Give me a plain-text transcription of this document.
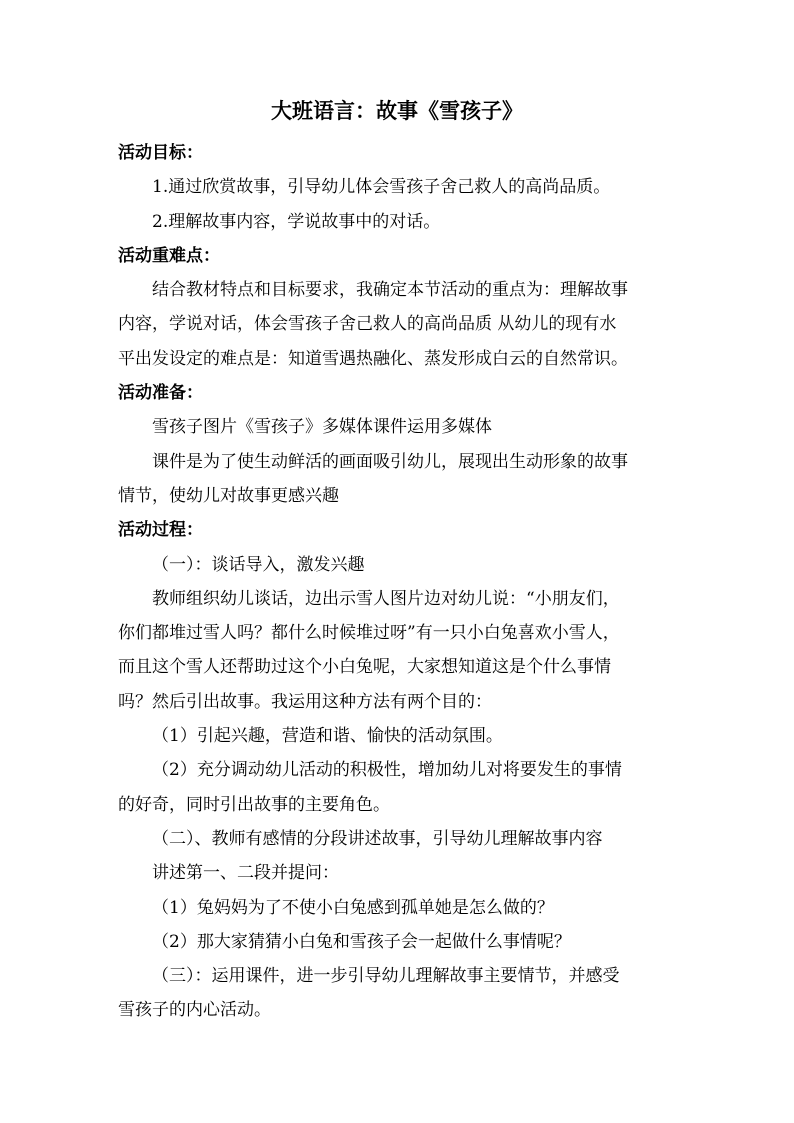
大班语言：故事《雪孩子》
活动目标：
1.通过欣赏故事，引导幼儿体会雪孩子舍己救人的高尚品质。
2.理解故事内容，学说故事中的对话。
活动重难点：
结合教材特点和目标要求，我确定本节活动的重点为：理解故事
内容，学说对话，体会雪孩子舍己救人的高尚品质 从幼儿的现有水
平出发设定的难点是：知道雪遇热融化、蒸发形成白云的自然常识。
活动准备：
雪孩子图片《雪孩子》多媒体课件运用多媒体
课件是为了使生动鲜活的画面吸引幼儿，展现出生动形象的故事
情节，使幼儿对故事更感兴趣
活动过程：
（一）：谈话导入，激发兴趣
教师组织幼儿谈话，边出示雪人图片边对幼儿说：“小朋友们，
你们都堆过雪人吗？都什么时候堆过呀”有一只小白兔喜欢小雪人，
而且这个雪人还帮助过这个小白兔呢，大家想知道这是个什么事情
吗？然后引出故事。我运用这种方法有两个目的：
（1）引起兴趣，营造和谐、愉快的活动氛围。
（2）充分调动幼儿活动的积极性，增加幼儿对将要发生的事情
的好奇，同时引出故事的主要角色。
（二）、教师有感情的分段讲述故事，引导幼儿理解故事内容
讲述第一、二段并提问：
（1）兔妈妈为了不使小白兔感到孤单她是怎么做的？
（2）那大家猜猜小白兔和雪孩子会一起做什么事情呢？
（三）：运用课件，进一步引导幼儿理解故事主要情节，并感受
雪孩子的内心活动。
